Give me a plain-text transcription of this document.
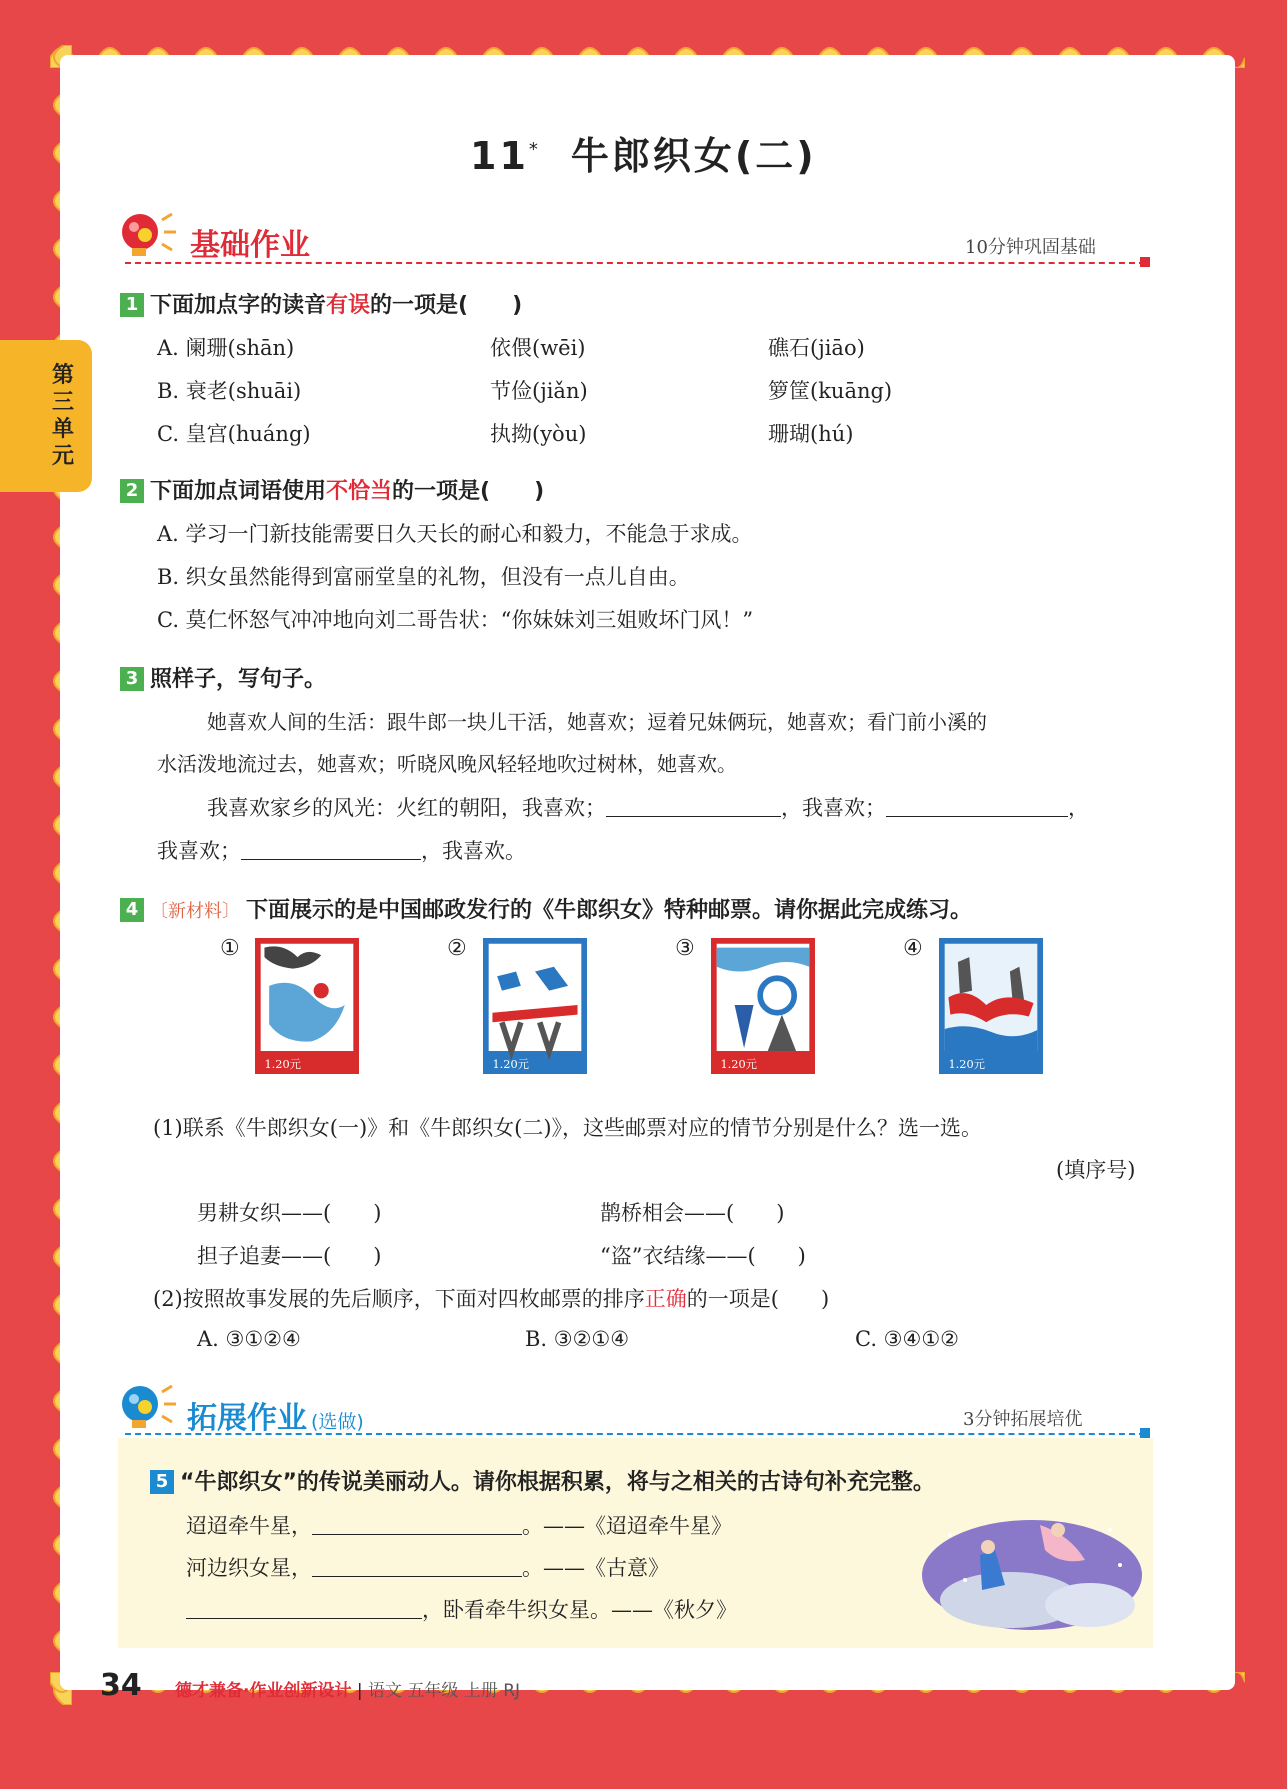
第三单元
11* 牛郎织女(二)
基础作业	10分钟巩固基础
1 下面加点字的读音有误的一项是(　　)
A. 阑珊(shān)	依偎(wēi)	礁石(jiāo)
B. 衰老(shuāi)	节俭(jiǎn)	箩筐(kuāng)
C. 皇宫(huáng)	执拗(yòu)	珊瑚(hú)
2 下面加点词语使用不恰当的一项是(　　)
A. 学习一门新技能需要日久天长的耐心和毅力，不能急于求成。
B. 织女虽然能得到富丽堂皇的礼物，但没有一点儿自由。
C. 莫仁怀怒气冲冲地向刘二哥告状：“你妹妹刘三姐败坏门风！”
3 照样子，写句子。
她喜欢人间的生活：跟牛郎一块儿干活，她喜欢；逗着兄妹俩玩，她喜欢；看门前小溪的
水活泼地流过去，她喜欢；听晓风晚风轻轻地吹过树林，她喜欢。
我喜欢家乡的风光：火红的朝阳，我喜欢；	，我喜欢；	，
我喜欢；	，我喜欢。
4 〔新材料〕 下面展示的是中国邮政发行的《牛郎织女》特种邮票。请你据此完成练习。
①
1.20元
②
1.20元
③
1.20元
④
1.20元
(1)联系《牛郎织女(一)》和《牛郎织女(二)》，这些邮票对应的情节分别是什么？选一选。
(填序号)
男耕女织——(　　)	鹊桥相会——(　　)
担子追妻——(　　)	“盗”衣结缘——(　　)
(2)按照故事发展的先后顺序，下面对四枚邮票的排序正确的一项是(　　)
A. ③①②④	B. ③②①④	C. ③④①②
拓展作业 (选做)	3分钟拓展培优
5 “牛郎织女”的传说美丽动人。请你根据积累，将与之相关的古诗句补充完整。
迢迢牵牛星，	。——《迢迢牵牛星》
河边织女星，	。——《古意》
，卧看牵牛织女星。——《秋夕》
34 德才兼备·作业创新设计 | 语文 五年级 上册 RJ
